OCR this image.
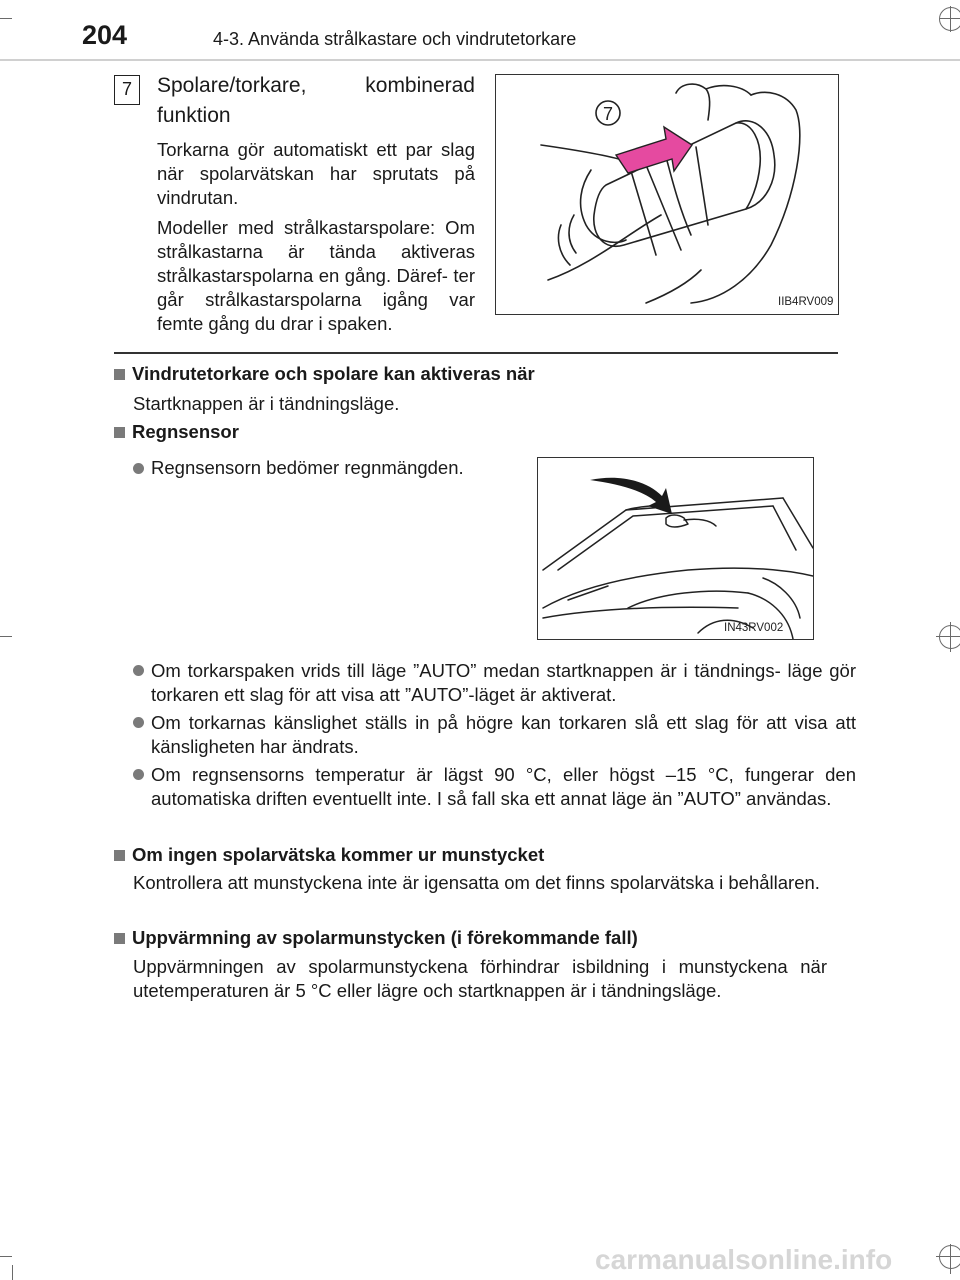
204	4-3. Använda strålkastare och vindrutetorkare
7	Spolare/torkare, kombinerad
funktion
Torkarna gör automatiskt ett par slag när spolarvätskan har sprutats på vindrutan.
Modeller med strålkastarspolare: Om strålkastarna är tända aktiveras strålkastarspolarna en gång. Däref- ter går strålkastarspolarna igång var femte gång du drar i spaken.
7
IIB4RV009
Vindrutetorkare och spolare kan aktiveras när
Startknappen är i tändningsläge.
Regnsensor
Regnsensorn bedömer regnmängden.
IN43RV002
Om torkarspaken vrids till läge ”AUTO” medan startknappen är i tändnings- läge gör torkaren ett slag för att visa att ”AUTO”-läget är aktiverat.
Om torkarnas känslighet ställs in på högre kan torkaren slå ett slag för att visa att känsligheten har ändrats.
Om regnsensorns temperatur är lägst 90 °C, eller högst –15 °C, fungerar den automatiska driften eventuellt inte. I så fall ska ett annat läge än ”AUTO” användas.
Om ingen spolarvätska kommer ur munstycket
Kontrollera att munstyckena inte är igensatta om det finns spolarvätska i behållaren.
Uppvärmning av spolarmunstycken (i förekommande fall)
Uppvärmningen av spolarmunstyckena förhindrar isbildning i munstyckena när utetemperaturen är 5 °C eller lägre och startknappen är i tändningsläge.
carmanualsonline.info
